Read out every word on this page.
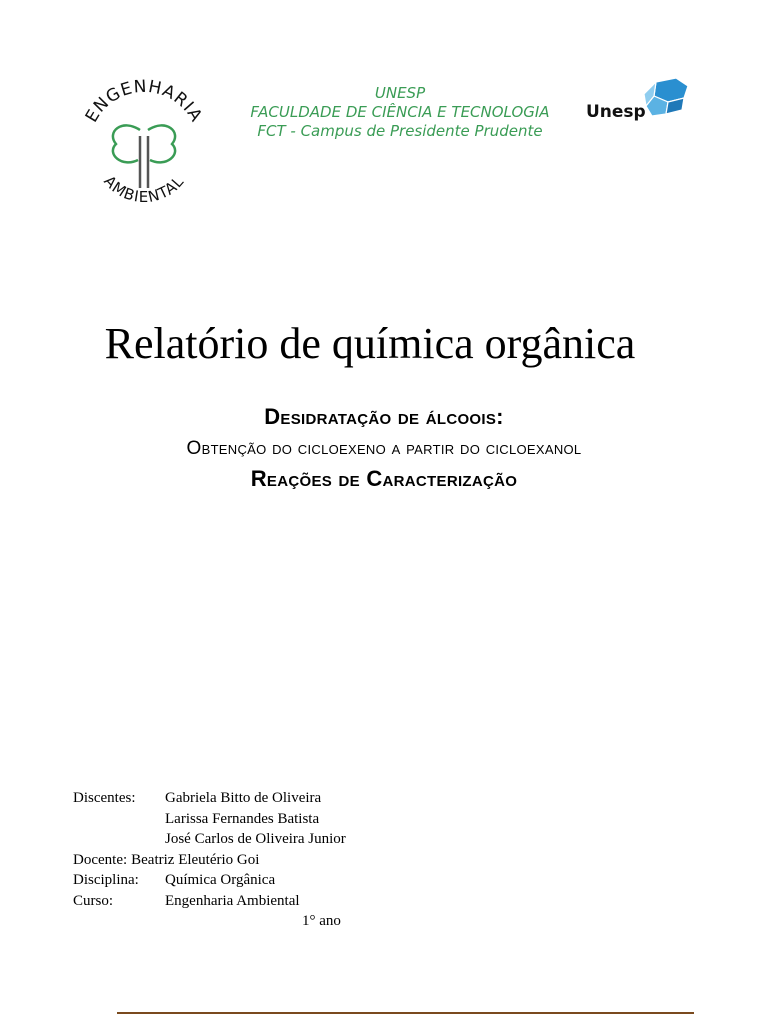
ENGENHARIA
AMBIENTAL
UNESP
FACULDADE DE CIÊNCIA E TECNOLOGIA
FCT - Campus de Presidente Prudente
Unesp
Relatório de química orgânica
Desidratação de álcoois:
Obtenção do cicloexeno a partir do cicloexanol
Reações de Caracterização
Discentes:	Gabriela Bitto de Oliveira
Larissa Fernandes Batista
José Carlos de Oliveira Junior
Docente: Beatriz Eleutério Goi
Disciplina:	Química Orgânica
Curso:	Engenharia Ambiental
1° ano
